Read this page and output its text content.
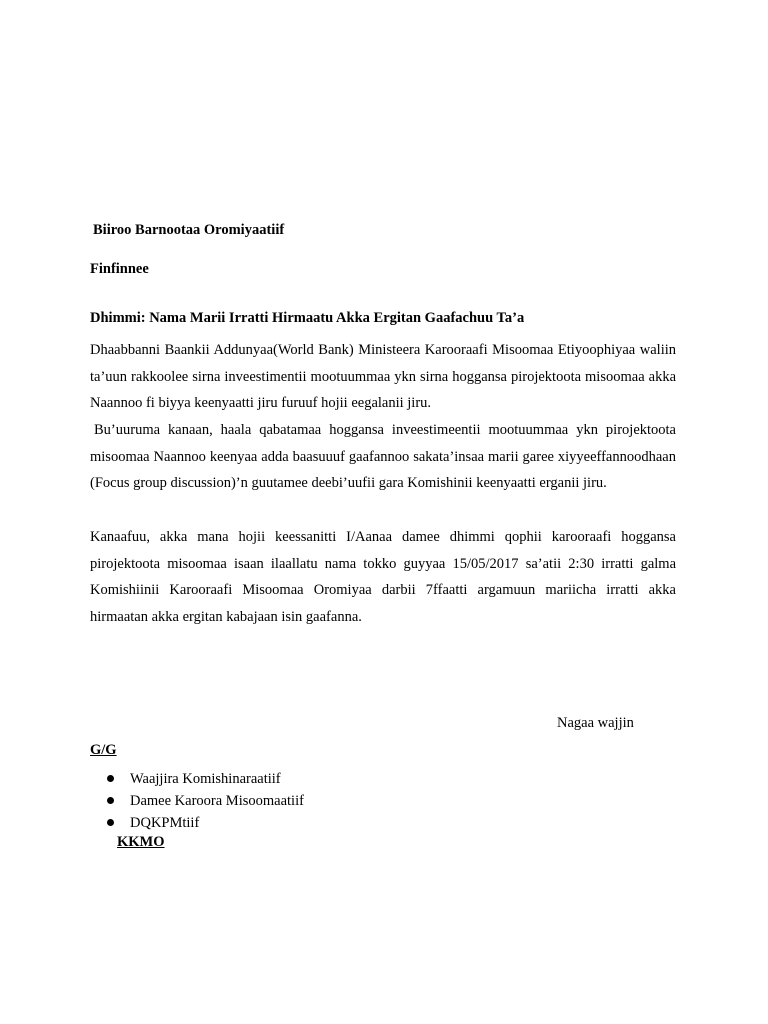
Biiroo Barnootaa Oromiyaatiif
Finfinnee
Dhimmi: Nama Marii Irratti Hirmaatu Akka Ergitan Gaafachuu Ta’a
Dhaabbanni Baankii Addunyaa(World Bank) Ministeera Karooraafi Misoomaa Etiyoophiyaa waliin ta’uun rakkoolee sirna inveestimentii mootuummaa ykn sirna hoggansa pirojektoota misoomaa akka Naannoo fi biyya keenyaatti jiru furuuf hojii eegalanii jiru.
Bu’uuruma kanaan, haala qabatamaa hoggansa inveestimeentii mootuummaa ykn pirojektoota misoomaa Naannoo keenyaa adda baasuuuf gaafannoo sakata’insaa marii garee xiyyeeffannoodhaan (Focus group discussion)’n guutamee deebi’uufii gara Komishinii keenyaatti erganii jiru.
Kanaafuu, akka mana hojii keessanitti I/Aanaa damee dhimmi qophii karooraafi hoggansa pirojektoota misoomaa isaan ilaallatu nama tokko guyyaa 15/05/2017 sa’atii 2:30 irratti galma Komishiinii Karooraafi Misoomaa Oromiyaa darbii 7ffaatti argamuun mariicha irratti akka hirmaatan akka ergitan kabajaan isin gaafanna.
Nagaa wajjin
G/G
Waajjira Komishinaraatiif
Damee Karoora Misoomaatiif
DQKPMtiif
KKMO
